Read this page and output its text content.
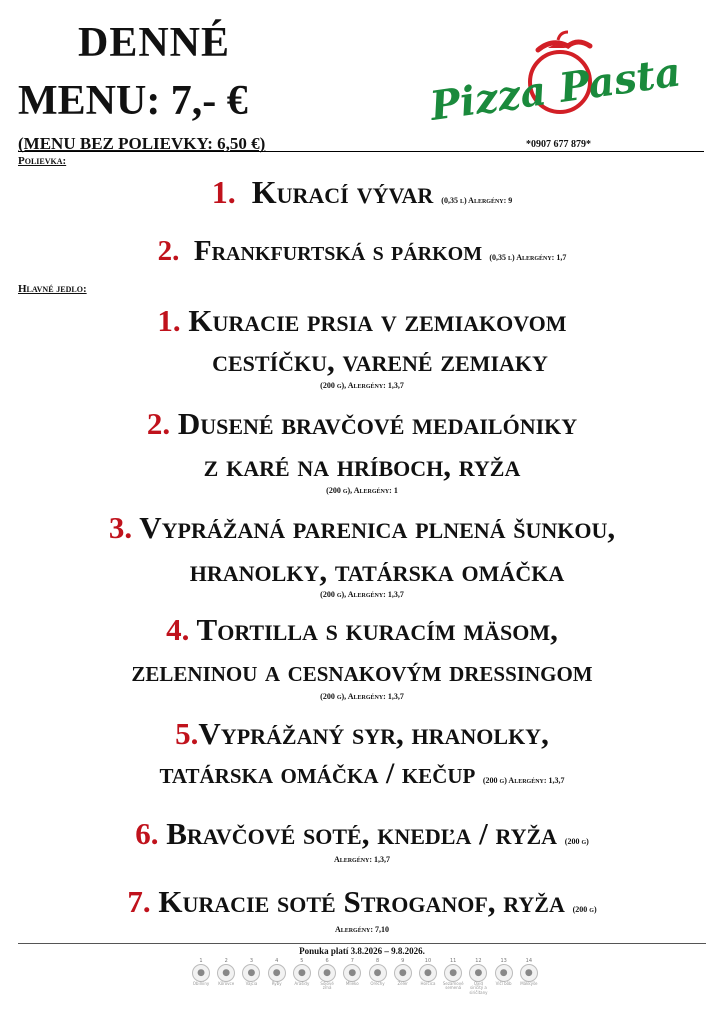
DENNÉ
MENU: 7,- €	Pizza Pasta
(MENU BEZ POLIEVKY: 6,50 €)	*0907 677 879*
Polievka:
1. Kurací vývar (0,35 l) Alergény: 9
2. Frankfurtská s párkom (0,35 l) Alergény: 1,7
Hlavné jedlo:
1. Kuracie prsia v zemiakovom
cestíčku, varené zemiaky
(200 g), Alergény: 1,3,7
2. Dusené bravčové medailóniky
z karé na hríboch, ryža
(200 g), Alergény: 1
3. Vyprážaná parenica plnená šunkou,
hranolky, tatárska omáčka
(200 g), Alergény: 1,3,7
4. Tortilla s kuracím mäsom,
zeleninou a cesnakovým dressingom
(200 g), Alergény: 1,3,7
5.Vyprážaný syr, hranolky,
tatárska omáčka / kečup (200 g) Alergény: 1,3,7
6. Bravčové soté, knedľa / ryža (200 g)
Alergény: 1,3,7
7. Kuracie soté Stroganof, ryža (200 g)
Alergény: 7,10
Ponuka platí 3.8.2026 – 9.8.2026.
1
●
Obilniny
2
●
Kôrovce
3
●
Vajcia
4
●
Ryby
5
●
Arašidy
6
●
Sójové zrná
7
●
Mlieko
8
●
Orechy
9
●
Zeler
10
●
Horčica
11
●
Sezamové semená
12
●
Oxid siričitý a siričitany
13
●
Vlčí bôb
14
●
Mäkkýše
